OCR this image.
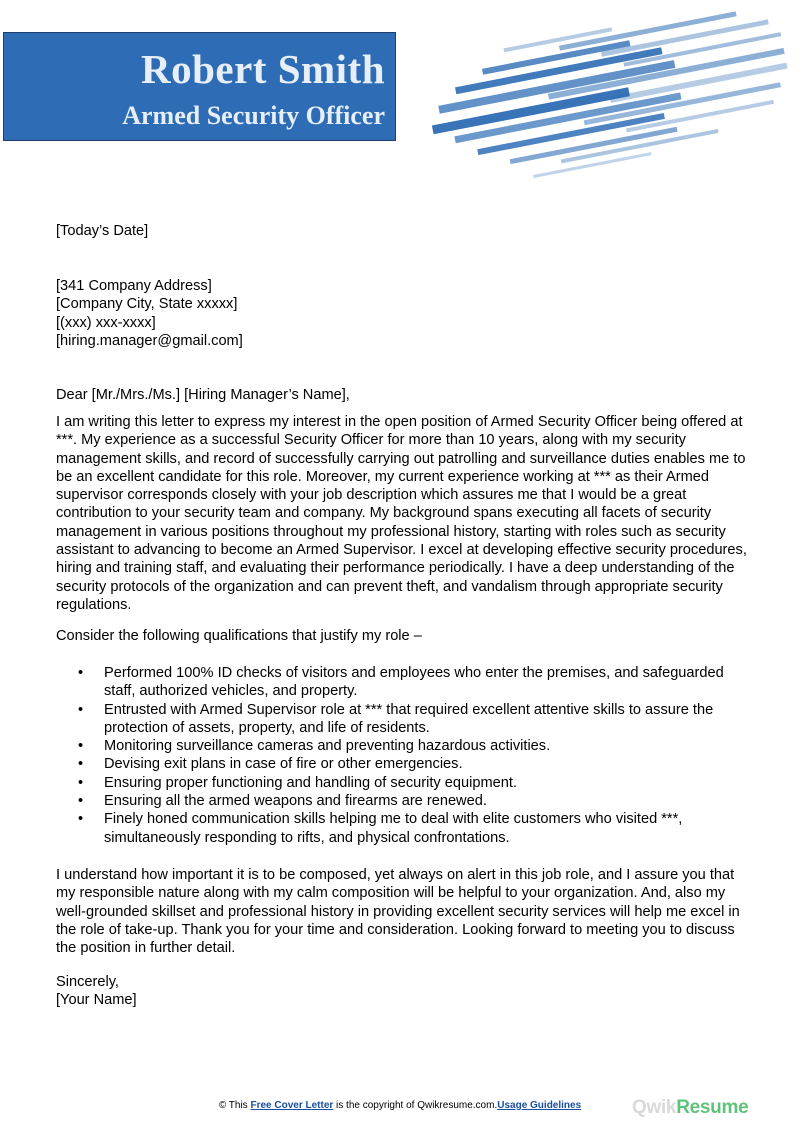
Robert Smith
Armed Security Officer
[Today’s Date]
[341 Company Address]
[Company City, State xxxxx]
[(xxx) xxx-xxxx]
[hiring.manager@gmail.com]
Dear [Mr./Mrs./Ms.] [Hiring Manager’s Name],
I am writing this letter to express my interest in the open position of Armed Security Officer being offered at ***. My experience as a successful Security Officer for more than 10 years, along with my security management skills, and record of successfully carrying out patrolling and surveillance duties enables me to be an excellent candidate for this role. Moreover, my current experience working at *** as their Armed supervisor corresponds closely with your job description which assures me that I would be a great contribution to your security team and company. My background spans executing all facets of security management in various positions throughout my professional history, starting with roles such as security assistant to advancing to become an Armed Supervisor. I excel at developing effective security procedures, hiring and training staff, and evaluating their performance periodically. I have a deep understanding of the security protocols of the organization and can prevent theft, and vandalism through appropriate security regulations.
Consider the following qualifications that justify my role –
• Performed 100% ID checks of visitors and employees who enter the premises, and safeguarded staff, authorized vehicles, and property.
• Entrusted with Armed Supervisor role at *** that required excellent attentive skills to assure the protection of assets, property, and life of residents.
• Monitoring surveillance cameras and preventing hazardous activities.
• Devising exit plans in case of fire or other emergencies.
• Ensuring proper functioning and handling of security equipment.
• Ensuring all the armed weapons and firearms are renewed.
• Finely honed communication skills helping me to deal with elite customers who visited ***, simultaneously responding to rifts, and physical confrontations.
I understand how important it is to be composed, yet always on alert in this job role, and I assure you that my responsible nature along with my calm composition will be helpful to your organization. And, also my well-grounded skillset and professional history in providing excellent security services will help me excel in the role of take-up. Thank you for your time and consideration. Looking forward to meeting you to discuss the position in further detail.
Sincerely,
[Your Name]
© This Free Cover Letter is the copyright of Qwikresume.com.Usage Guidelines	QwikResume
